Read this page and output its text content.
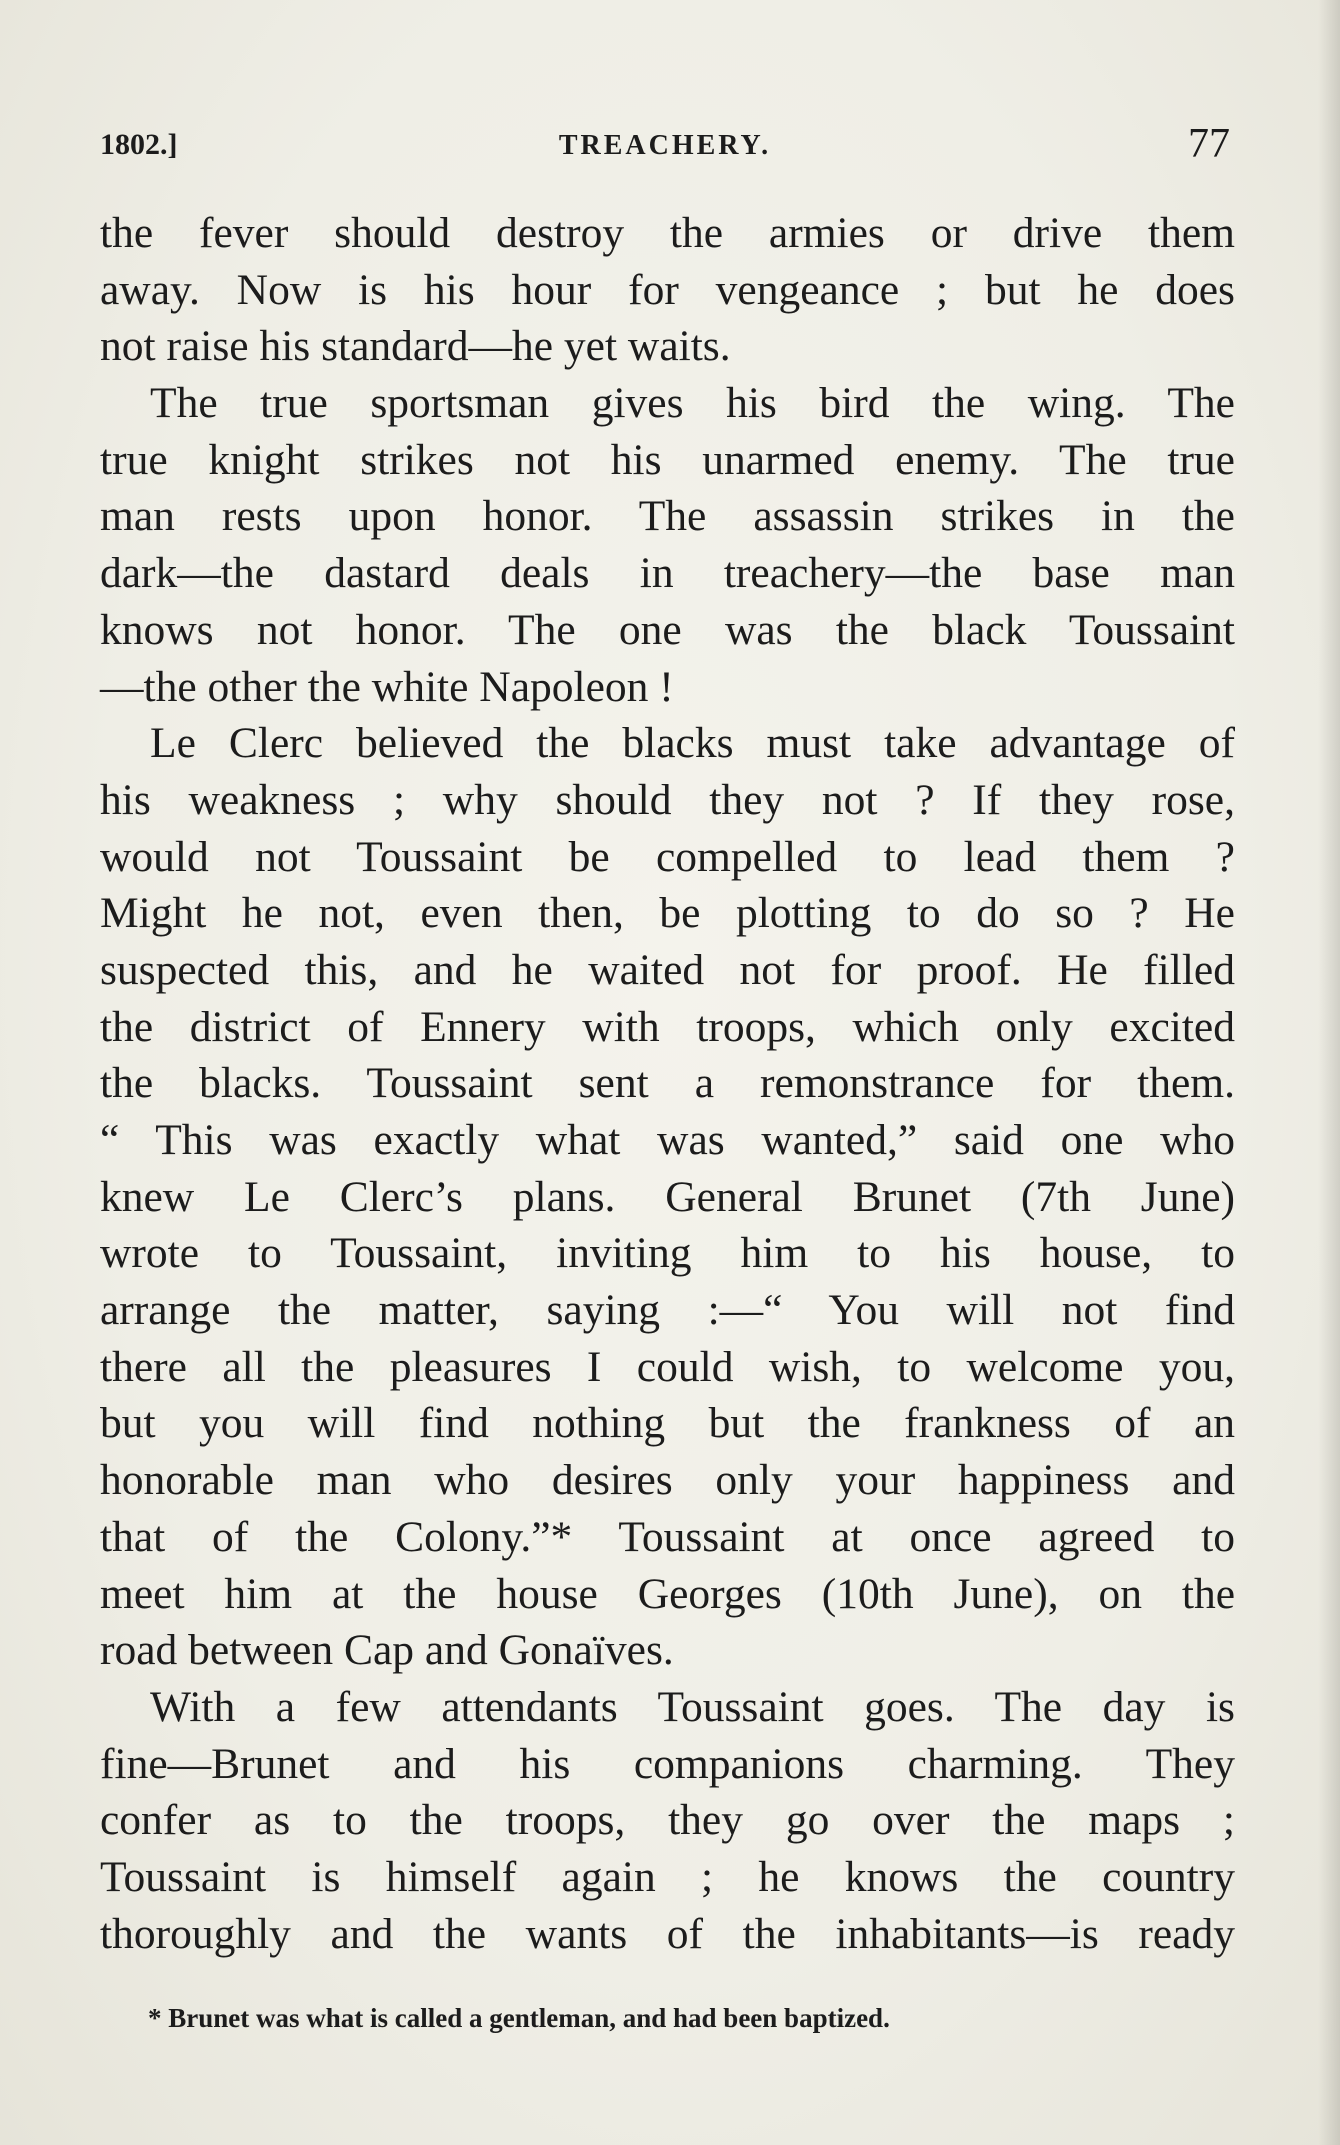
1802.]	TREACHERY.	77
the fever should destroy the armies or drive them
away. Now is his hour for vengeance ; but he does
not raise his standard—he yet waits.
The true sportsman gives his bird the wing. The
true knight strikes not his unarmed enemy. The true
man rests upon honor. The assassin strikes in the
dark—the dastard deals in treachery—the base man
knows not honor. The one was the black Toussaint
—the other the white Napoleon !
Le Clerc believed the blacks must take advantage of
his weakness ; why should they not ? If they rose,
would not Toussaint be compelled to lead them ?
Might he not, even then, be plotting to do so ? He
suspected this, and he waited not for proof. He filled
the district of Ennery with troops, which only excited
the blacks. Toussaint sent a remonstrance for them.
“ This was exactly what was wanted,” said one who
knew Le Clerc’s plans. General Brunet (7th June)
wrote to Toussaint, inviting him to his house, to
arrange the matter, saying :—“ You will not find
there all the pleasures I could wish, to welcome you,
but you will find nothing but the frankness of an
honorable man who desires only your happiness and
that of the Colony.”* Toussaint at once agreed to
meet him at the house Georges (10th June), on the
road between Cap and Gonaïves.
With a few attendants Toussaint goes. The day is
fine—Brunet and his companions charming. They
confer as to the troops, they go over the maps ;
Toussaint is himself again ; he knows the country
thoroughly and the wants of the inhabitants—is ready
* Brunet was what is called a gentleman, and had been baptized.
